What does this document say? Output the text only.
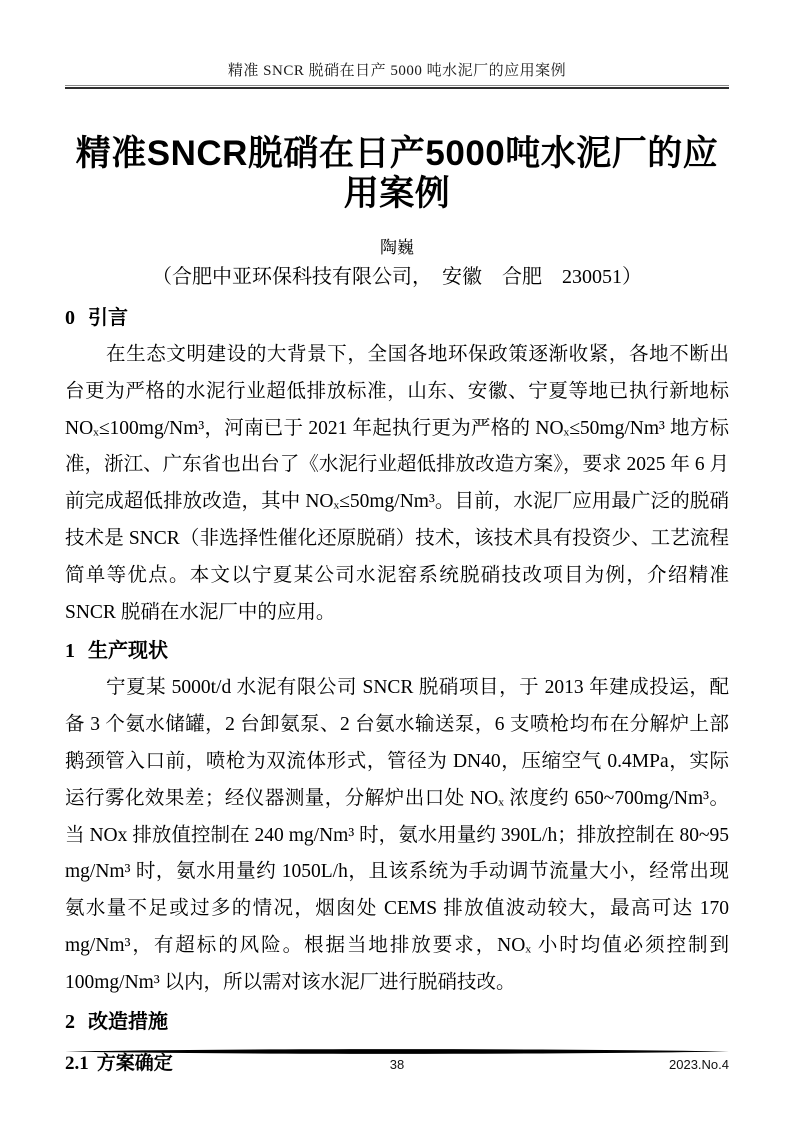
精准 SNCR 脱硝在日产 5000 吨水泥厂的应用案例
精准SNCR脱硝在日产5000吨水泥厂的应用案例
陶巍
（合肥中亚环保科技有限公司，　安徽　合肥　230051）
0 引言

在生态文明建设的大背景下，全国各地环保政策逐渐收紧，各地不断出台更为严格的水泥行业超低排放标准，山东、安徽、宁夏等地已执行新地标NOₓ≤100mg/Nm³，河南已于 2021 年起执行更为严格的 NOₓ≤50mg/Nm³ 地方标准，浙江、广东省也出台了《水泥行业超低排放改造方案》，要求 2025 年 6 月前完成超低排放改造，其中 NOₓ≤50mg/Nm³。目前，水泥厂应用最广泛的脱硝技术是 SNCR（非选择性催化还原脱硝）技术，该技术具有投资少、工艺流程简单等优点。本文以宁夏某公司水泥窑系统脱硝技改项目为例，介绍精准 SNCR 脱硝在水泥厂中的应用。

1 生产现状

宁夏某 5000t/d 水泥有限公司 SNCR 脱硝项目，于 2013 年建成投运，配备 3 个氨水储罐，2 台卸氨泵、2 台氨水输送泵，6 支喷枪均布在分解炉上部鹅颈管入口前，喷枪为双流体形式，管径为 DN40，压缩空气 0.4MPa，实际运行雾化效果差；经仪器测量，分解炉出口处 NOₓ 浓度约 650~700mg/Nm³。当 NOx 排放值控制在 240 mg/Nm³ 时，氨水用量约 390L/h；排放控制在 80~95 mg/Nm³ 时，氨水用量约 1050L/h，且该系统为手动调节流量大小，经常出现氨水量不足或过多的情况，烟囱处 CEMS 排放值波动较大，最高可达 170 mg/Nm³，有超标的风险。根据当地排放要求，NOₓ 小时均值必须控制到 100mg/Nm³ 以内，所以需对该水泥厂进行脱硝技改。

2 改造措施
2.1 方案确定	38	2023.No.4
